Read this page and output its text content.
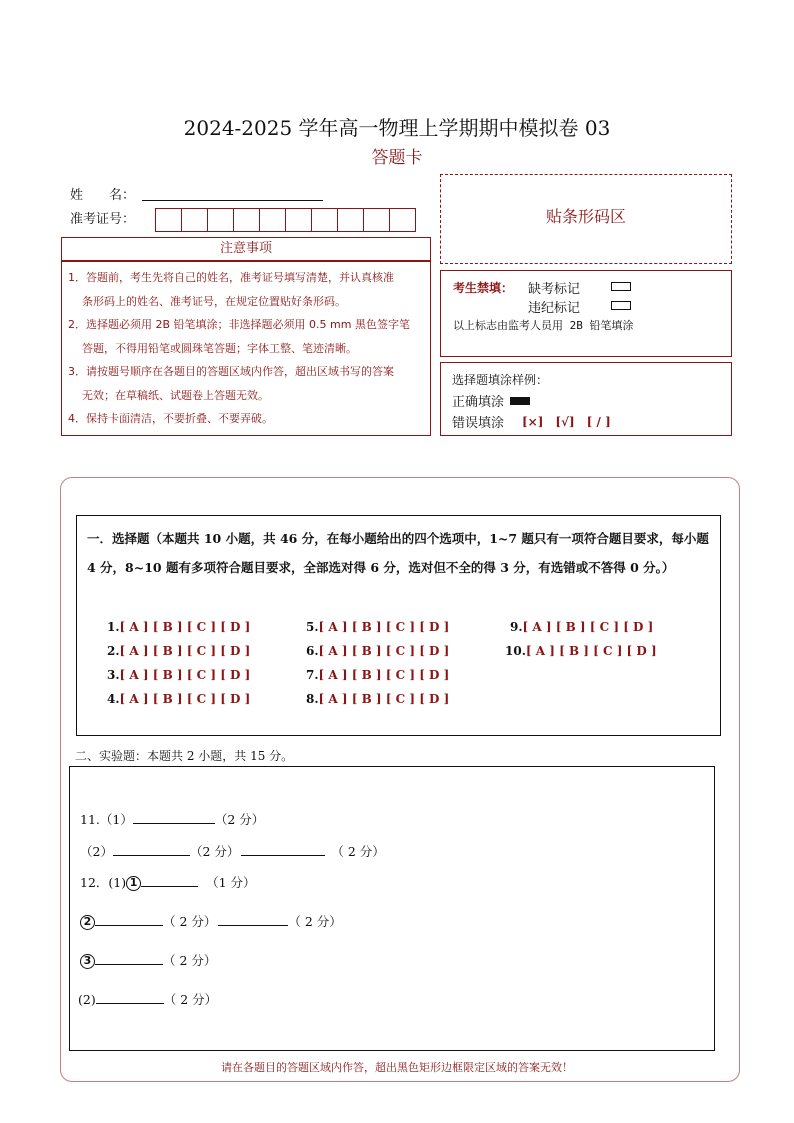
2024-2025 学年高一物理上学期期中模拟卷 03
答题卡
姓　　名：
准考证号：	贴条形码区
注意事项

1．答题前，考生先将自己的姓名，准考证号填写清楚，并认真核准

条形码上的姓名、准考证号，在规定位置贴好条形码。

2．选择题必须用 2B 铅笔填涂；非选择题必须用 0.5 mm 黑色签字笔

答题，不得用铅笔或圆珠笔答题；字体工整、笔迹清晰。

3．请按题号顺序在各题目的答题区域内作答，超出区域书写的答案

无效；在草稿纸、试题卷上答题无效。

4．保持卡面清洁，不要折叠、不要弄破。

考生禁填： 缺考标记
违纪标记
以上标志由监考人员用 2B 铅笔填涂
选择题填涂样例：
正确填涂
错误填涂 [×]　[√]　[ / ]
一．选择题（本题共 10 小题，共 46 分，在每小题给出的四个选项中，1~7 题只有一项符合题目要求，每小题 4 分，8~10 题有多项符合题目要求，全部选对得 6 分，选对但不全的得 3 分，有选错或不答得 0 分。）
1.[ A ] [ B ] [ C ] [ D ]
2.[ A ] [ B ] [ C ] [ D ]
3.[ A ] [ B ] [ C ] [ D ]
4.[ A ] [ B ] [ C ] [ D ]
5.[ A ] [ B ] [ C ] [ D ]
6.[ A ] [ B ] [ C ] [ D ]
7.[ A ] [ B ] [ C ] [ D ]
8.[ A ] [ B ] [ C ] [ D ]
9.[ A ] [ B ] [ C ] [ D ]
10.[ A ] [ B ] [ C ] [ D ]
二、实验题：本题共 2 小题，共 15 分。
11.（1）	（2 分）
（2）	（2 分）	（ 2 分）
12．(1) 1	（1 分）
2	（ 2 分）	（ 2 分）
3	（ 2 分）
(2)	（ 2 分）
请在各题目的答题区域内作答，超出黑色矩形边框限定区域的答案无效！
